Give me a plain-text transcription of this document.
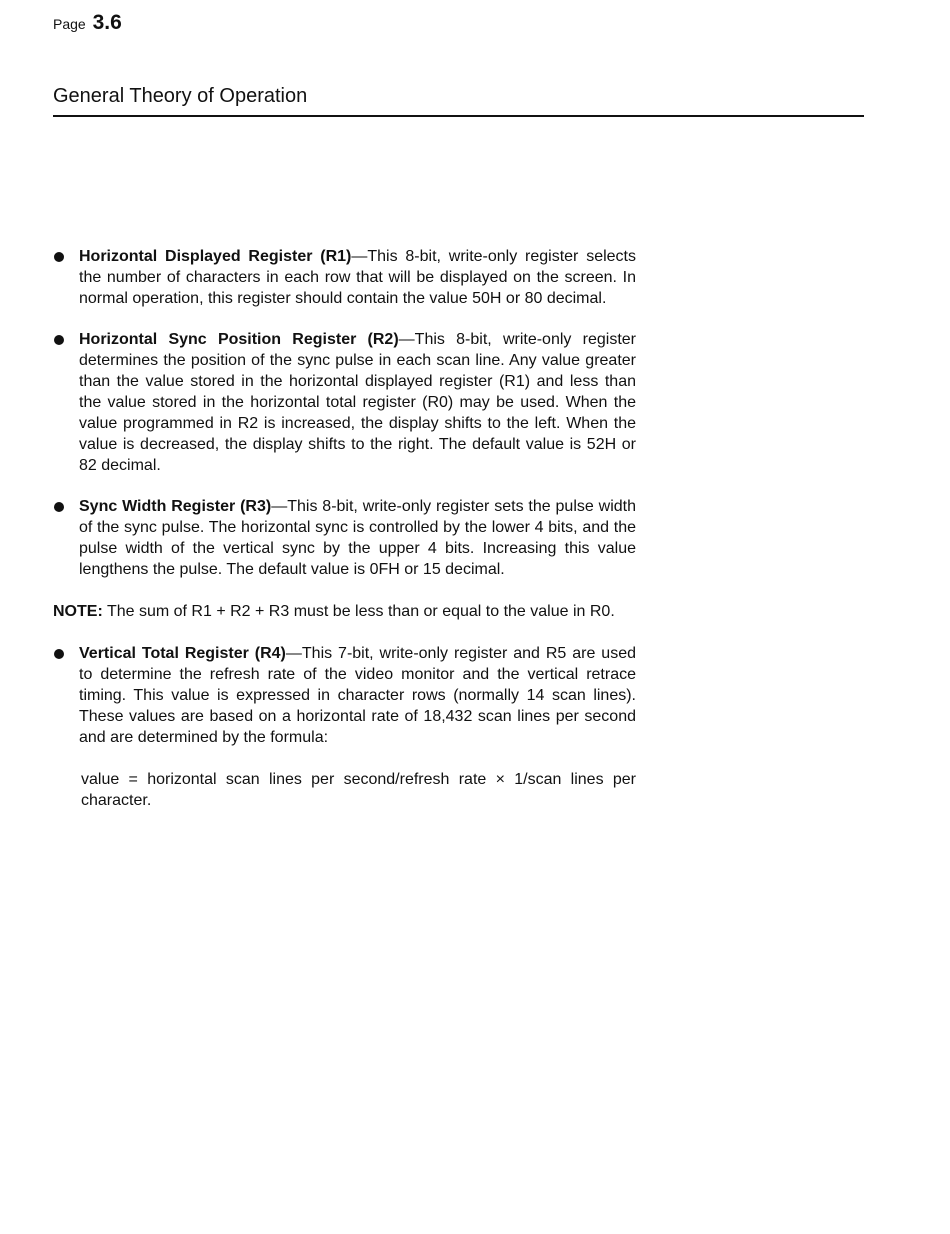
Page 3.6
General Theory of Operation

Horizontal Displayed Register (R1)—This 8-bit, write-only register selects the number of characters in each row that will be displayed on the screen. In normal operation, this register should contain the value 50H or 80 decimal.

Horizontal Sync Position Register (R2)—This 8-bit, write-only register determines the position of the sync pulse in each scan line. Any value greater than the value stored in the horizontal displayed register (R1) and less than the value stored in the horizontal total register (R0) may be used. When the value programmed in R2 is increased, the display shifts to the left. When the value is decreased, the display shifts to the right. The default value is 52H or 82 decimal.

Sync Width Register (R3)—This 8-bit, write-only register sets the pulse width of the sync pulse. The horizontal sync is controlled by the lower 4 bits, and the pulse width of the vertical sync by the upper 4 bits. Increasing this value lengthens the pulse. The default value is 0FH or 15 decimal.

NOTE: The sum of R1 + R2 + R3 must be less than or equal to the value in R0.

Vertical Total Register (R4)—This 7-bit, write-only register and R5 are used to determine the refresh rate of the video monitor and the vertical retrace timing. This value is expressed in character rows (normally 14 scan lines). These values are based on a horizontal rate of 18,432 scan lines per second and are determined by the formula:

value = horizontal scan lines per second/refresh rate × 1/scan lines per character.
